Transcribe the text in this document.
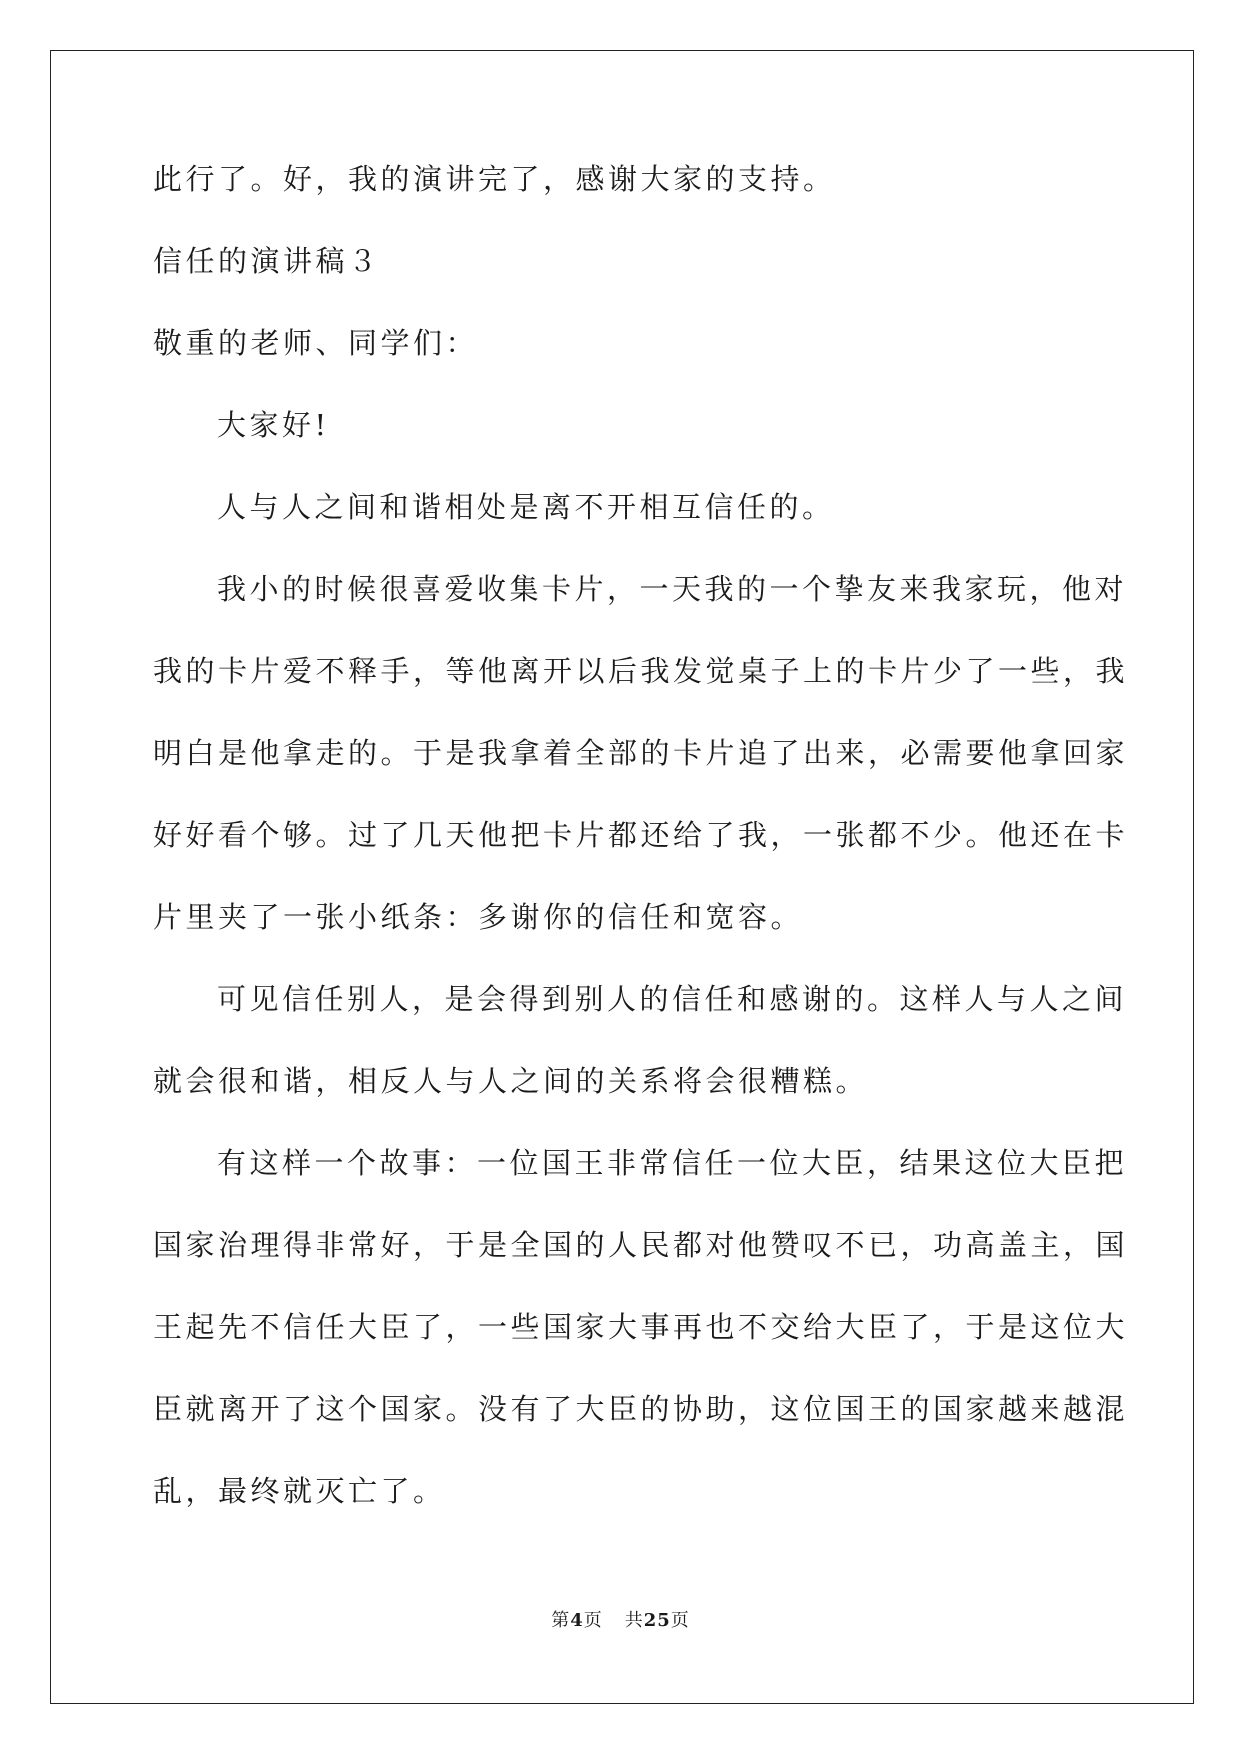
此行了。好，我的演讲完了，感谢大家的支持。

信任的演讲稿３

敬重的老师、同学们：

大家好!

人与人之间和谐相处是离不开相互信任的。

我小的时候很喜爱收集卡片，一天我的一个挚友来我家玩，他对

我的卡片爱不释手，等他离开以后我发觉桌子上的卡片少了一些，我

明白是他拿走的。于是我拿着全部的卡片追了出来，必需要他拿回家

好好看个够。过了几天他把卡片都还给了我，一张都不少。他还在卡

片里夹了一张小纸条：多谢你的信任和宽容。

可见信任别人，是会得到别人的信任和感谢的。这样人与人之间

就会很和谐，相反人与人之间的关系将会很糟糕。

有这样一个故事：一位国王非常信任一位大臣，结果这位大臣把

国家治理得非常好，于是全国的人民都对他赞叹不已，功高盖主，国

王起先不信任大臣了，一些国家大事再也不交给大臣了，于是这位大

臣就离开了这个国家。没有了大臣的协助，这位国王的国家越来越混

乱，最终就灭亡了。

第4页 共25页
